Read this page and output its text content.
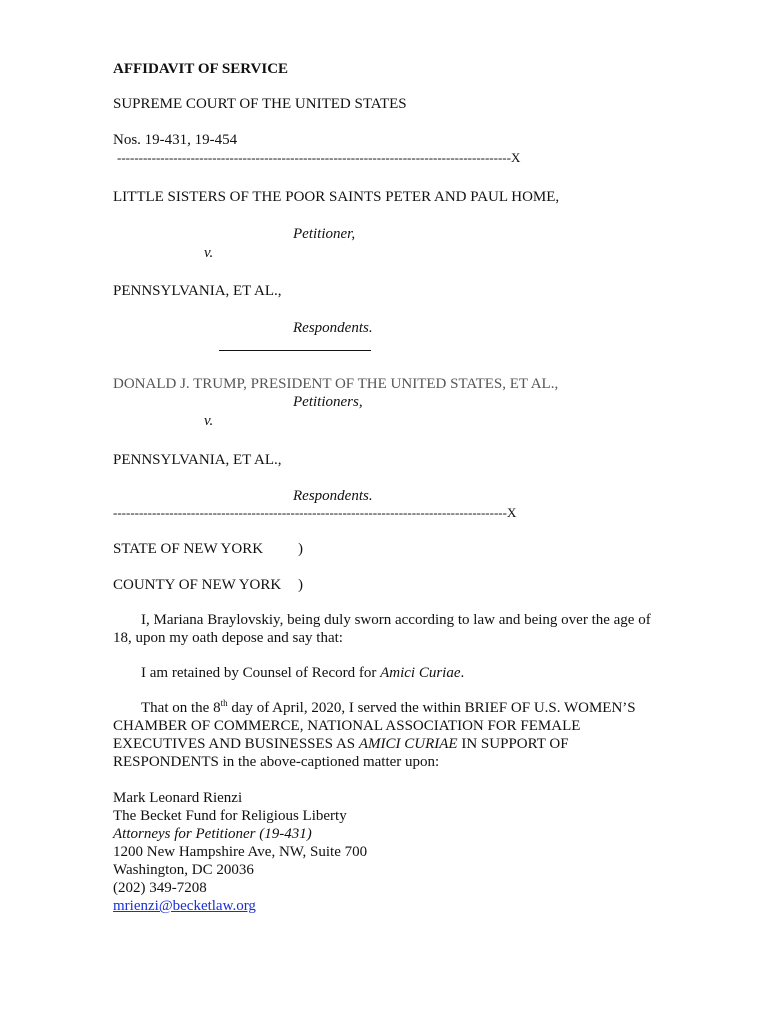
AFFIDAVIT OF SERVICE
SUPREME COURT OF THE UNITED STATES
Nos. 19-431, 19-454
-------------------------------------------------------------------------------------------X
LITTLE SISTERS OF THE POOR SAINTS PETER AND PAUL HOME,
Petitioner,
v.
PENNSYLVANIA, ET AL.,
Respondents.
DONALD J. TRUMP, PRESIDENT OF THE UNITED STATES, ET AL.,
Petitioners,
v.
PENNSYLVANIA, ET AL.,
Respondents.
-------------------------------------------------------------------------------------------X
STATE OF NEW YORK )
COUNTY OF NEW YORK )
I, Mariana Braylovskiy, being duly sworn according to law and being over the age of 18, upon my oath depose and say that:
I am retained by Counsel of Record for Amici Curiae.
That on the 8th day of April, 2020, I served the within BRIEF OF U.S. WOMEN’S CHAMBER OF COMMERCE, NATIONAL ASSOCIATION FOR FEMALE EXECUTIVES AND BUSINESSES AS AMICI CURIAE IN SUPPORT OF RESPONDENTS in the above-captioned matter upon:
Mark Leonard Rienzi
The Becket Fund for Religious Liberty
Attorneys for Petitioner (19-431)
1200 New Hampshire Ave, NW, Suite 700
Washington, DC 20036
(202) 349-7208
mrienzi@becketlaw.org
